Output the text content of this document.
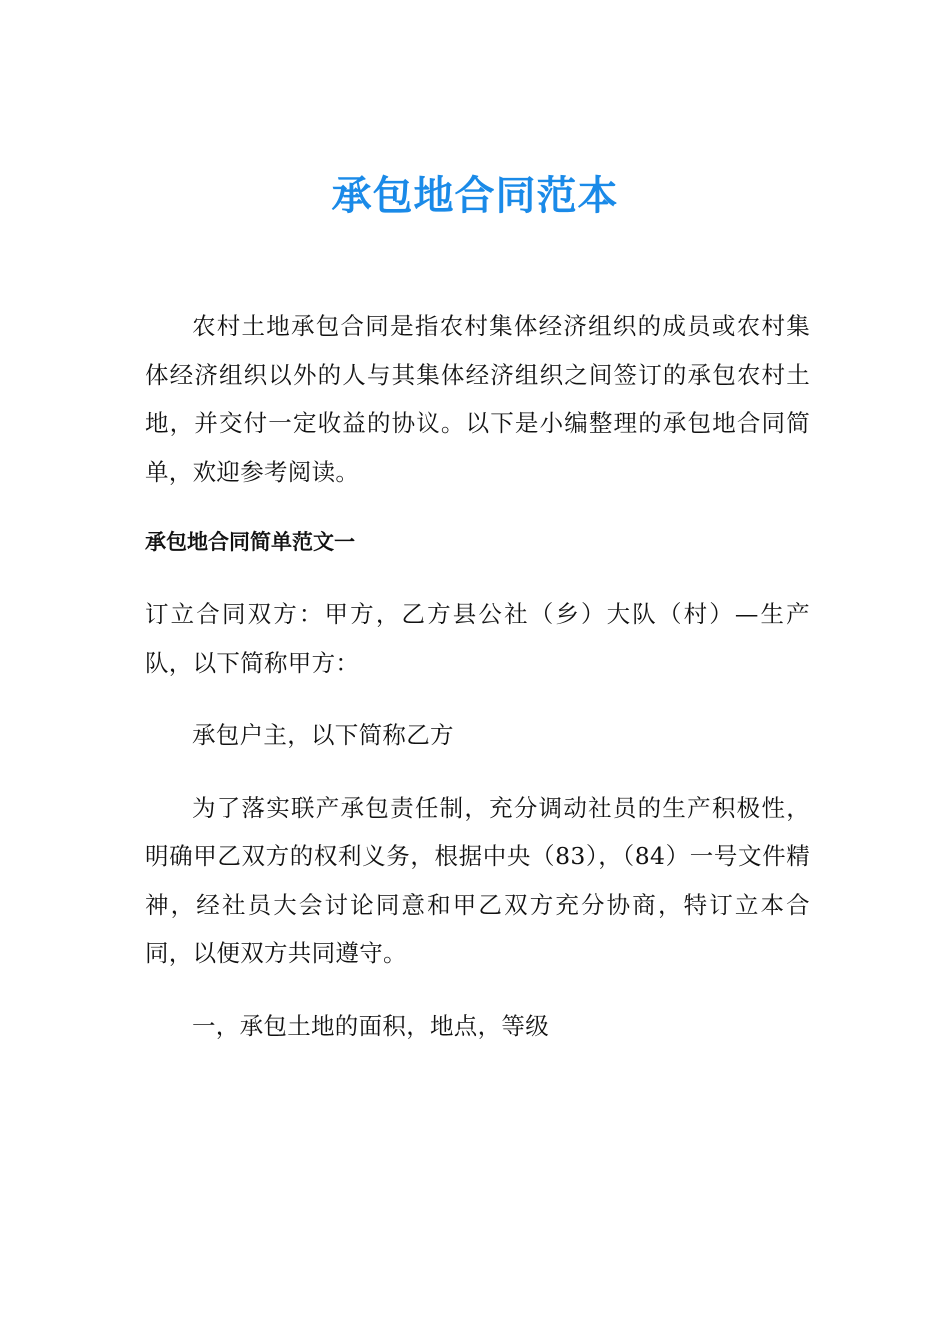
承包地合同范本

农村土地承包合同是指农村集体经济组织的成员或农村集体经济组织以外的人与其集体经济组织之间签订的承包农村土地，并交付一定收益的协议。以下是小编整理的承包地合同简单，欢迎参考阅读。

承包地合同简单范文一

订立合同双方：甲方，乙方县公社（乡）大队（村）—生产队，以下简称甲方：

承包户主，以下简称乙方

为了落实联产承包责任制，充分调动社员的生产积极性，明确甲乙双方的权利义务，根据中央（83），（84）一号文件精神，经社员大会讨论同意和甲乙双方充分协商，特订立本合同，以便双方共同遵守。

一，承包土地的面积，地点，等级
